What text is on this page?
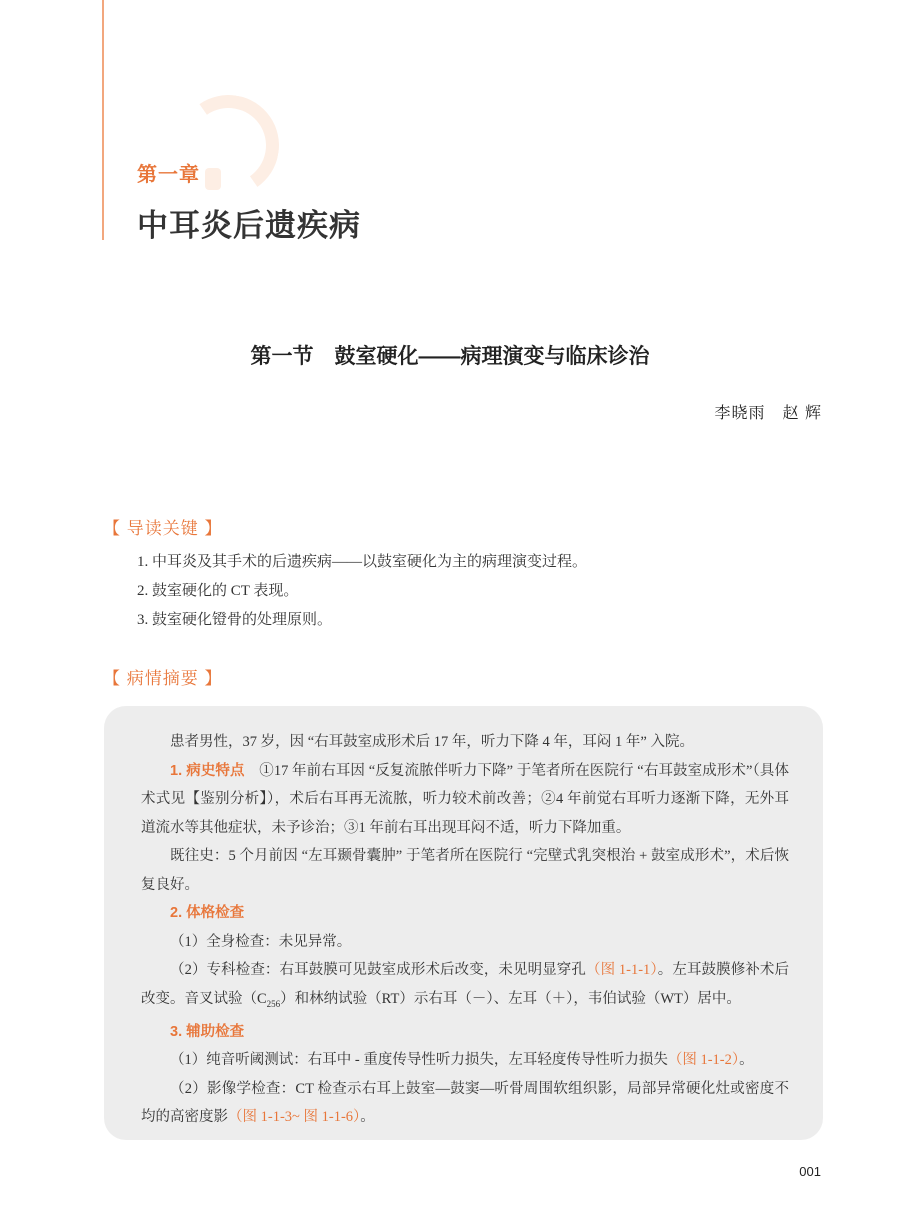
第一章
中耳炎后遗疾病
第一节　鼓室硬化——病理演变与临床诊治
李晓雨　赵 辉
【 导读关键 】
1. 中耳炎及其手术的后遗疾病——以鼓室硬化为主的病理演变过程。
2. 鼓室硬化的 CT 表现。
3. 鼓室硬化镫骨的处理原则。
【 病情摘要 】

患者男性，37 岁，因 “右耳鼓室成形术后 17 年，听力下降 4 年，耳闷 1 年” 入院。

1. 病史特点　 ①17 年前右耳因 “反复流脓伴听力下降” 于笔者所在医院行 “右耳鼓室成形术”（具体术式见【鉴别分析】），术后右耳再无流脓，听力较术前改善；②4 年前觉右耳听力逐渐下降，无外耳道流水等其他症状，未予诊治；③1 年前右耳出现耳闷不适，听力下降加重。

既往史：5 个月前因 “左耳颞骨囊肿” 于笔者所在医院行 “完壁式乳突根治 + 鼓室成形术”，术后恢复良好。

2. 体格检查

（1）全身检查：未见异常。

（2）专科检查：右耳鼓膜可见鼓室成形术后改变，未见明显穿孔（图 1-1-1）。左耳鼓膜修补术后改变。音叉试验$(C_{256})$和林纳试验（RT）示右耳（－）、左耳（＋），韦伯试验（WT）居中。

3. 辅助检查

（1）纯音听阈测试：右耳中 - 重度传导性听力损失，左耳轻度传导性听力损失（图 1-1-2）。

（2）影像学检查：CT 检查示右耳上鼓室—鼓窦—听骨周围软组织影，局部异常硬化灶或密度不均的高密度影（图 1-1-3~ 图 1-1-6）。

001
